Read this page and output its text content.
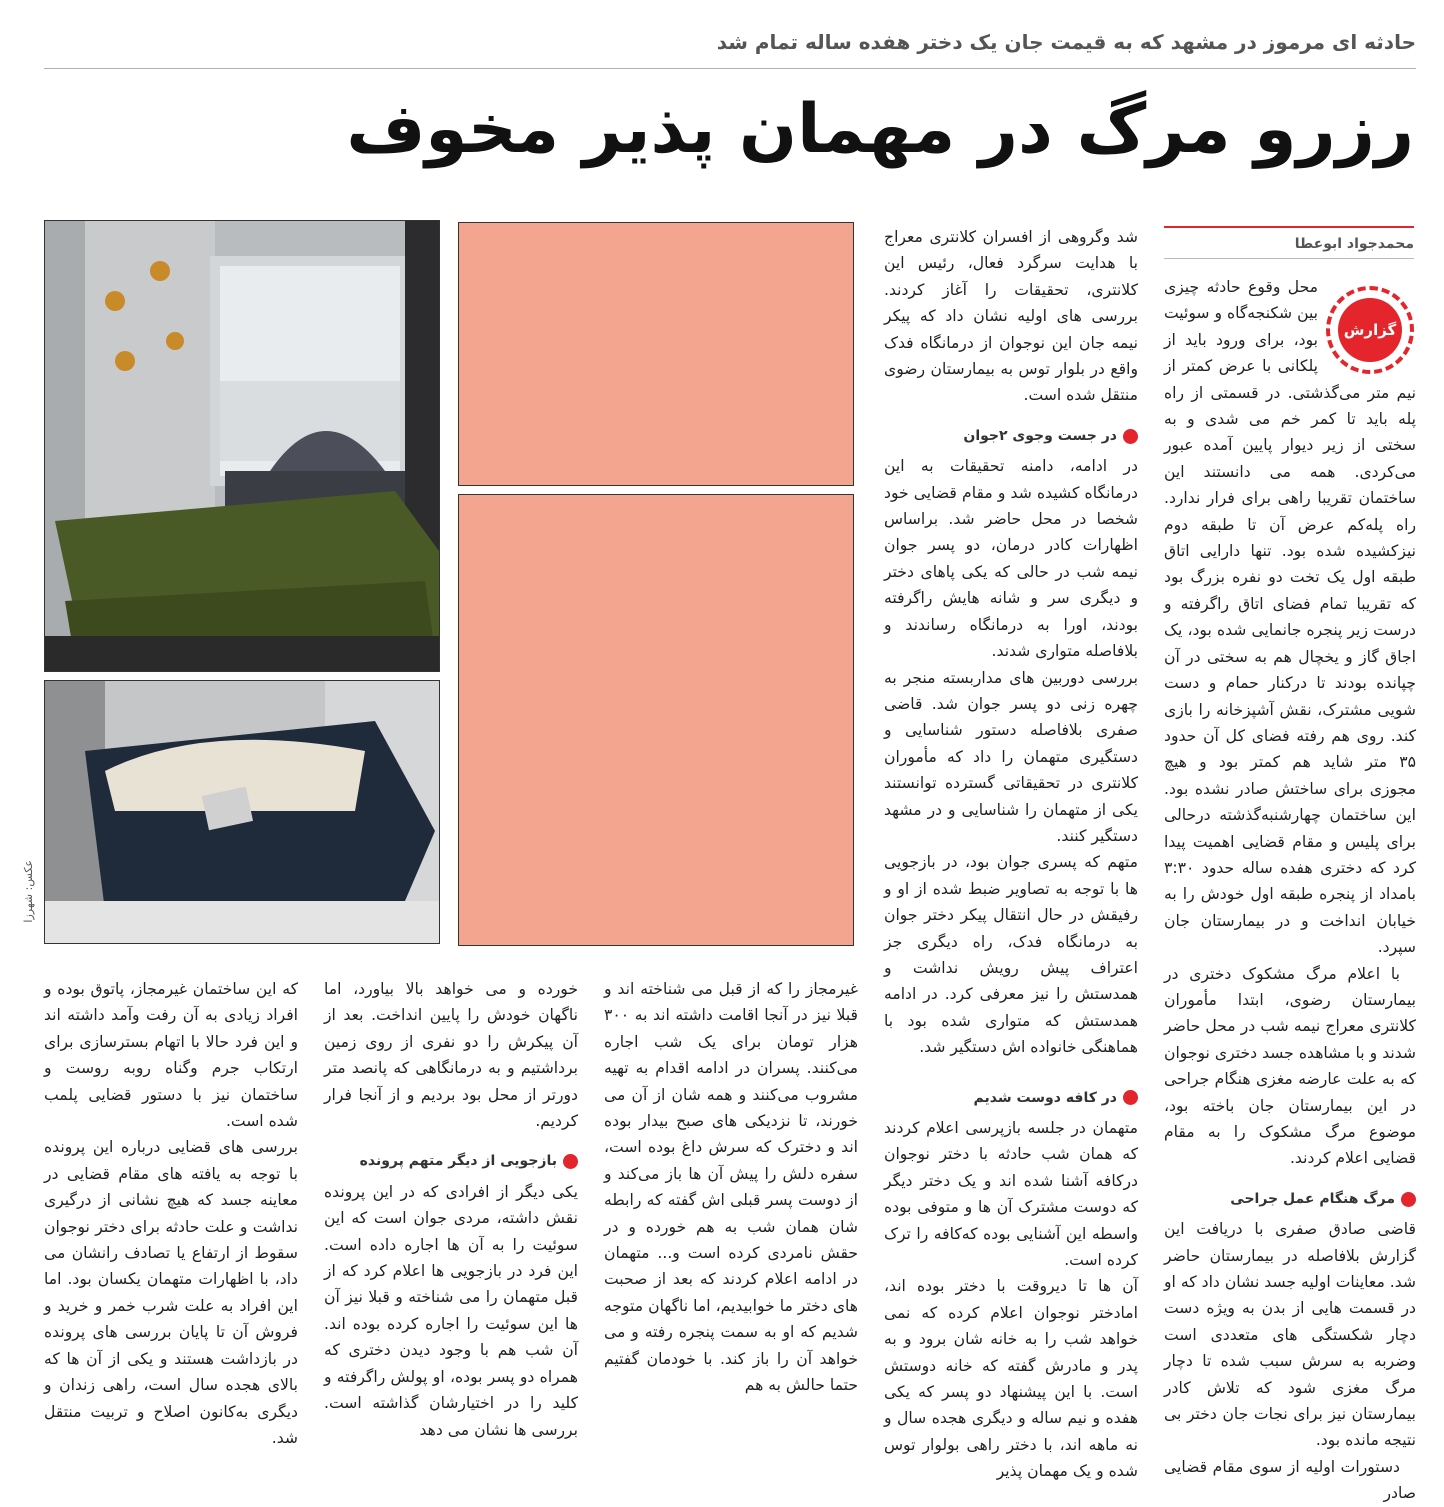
حادثه ای مرموز در مشهد که به قیمت جان یک دختر هفده ساله تمام شد
رزرو مرگ در مهمان پذیر مخوف
محمدجواد ابوعطا
گزارش

محل وقوع حادثه چیزی بین شکنجه‌گاه و سوئیت بود، برای ورود باید از پلکانی با عرض کمتر از نیم متر می‌گذشتی. در قسمتی از راه پله باید تا کمر خم می شدی و به سختی از زیر دیوار پایین آمده عبور می‌کردی. همه می دانستند این ساختمان تقریبا راهی برای فرار ندارد. راه پله‌کم عرض آن تا طبقه دوم نیزکشیده شده بود. تنها دارایی اتاق طبقه اول یک تخت دو نفره بزرگ بود که تقریبا تمام فضای اتاق راگرفته و درست زیر پنجره جانمایی شده بود، یک اجاق گاز و یخچال هم به سختی در آن چپانده بودند تا درکنار حمام و دست شویی مشترک، نقش آشپزخانه را بازی کند. روی هم رفته فضای کل آن حدود ۳۵ متر شاید هم کمتر بود و هیچ مجوزی برای ساختش صادر نشده بود. این ساختمان چهارشنبه‌گذشته درحالی برای پلیس و مقام قضایی اهمیت پیدا کرد که دختری هفده ساله حدود ۳:۳۰ بامداد از پنجره طبقه اول خودش را به خیابان انداخت و در بیمارستان جان سپرد.

با اعلام مرگ مشکوک دختری در بیمارستان رضوی، ابتدا مأموران کلانتری معراج نیمه شب در محل حاضر شدند و با مشاهده جسد دختری نوجوان که به علت عارضه مغزی هنگام جراحی در این بیمارستان جان باخته بود، موضوع مرگ مشکوک را به مقام قضایی اعلام کردند.

مرگ هنگام عمل جراحی

قاضی صادق صفری با دریافت این گزارش بلافاصله در بیمارستان حاضر شد. معاینات اولیه جسد نشان داد که او در قسمت هایی از بدن به ویژه دست دچار شکستگی های متعددی است وضربه به سرش سبب شده تا دچار مرگ مغزی شود که تلاش کادر بیمارستان نیز برای نجات جان دختر بی نتیجه مانده بود.

دستورات اولیه از سوی مقام قضایی صادر

شد وگروهی از افسران کلانتری معراج با هدایت سرگرد فعال، رئیس این کلانتری، تحقیقات را آغاز کردند. بررسی های اولیه نشان داد که پیکر نیمه جان این نوجوان از درمانگاه فدک واقع در بلوار توس به بیمارستان رضوی منتقل شده است.

در جست وجوی ۲جوان

در ادامه، دامنه تحقیقات به این درمانگاه کشیده شد و مقام قضایی خود شخصا در محل حاضر شد. براساس اظهارات کادر درمان، دو پسر جوان نیمه شب در حالی که یکی پاهای دختر و دیگری سر و شانه هایش راگرفته بودند، اورا به درمانگاه رساندند و بلافاصله متواری شدند.

بررسی دوربین های مداربسته منجر به چهره زنی دو پسر جوان شد. قاضی صفری بلافاصله دستور شناسایی و دستگیری متهمان را داد که مأموران کلانتری در تحقیقاتی گسترده توانستند یکی از متهمان را شناسایی و در مشهد دستگیر کنند.

متهم که پسری جوان بود، در بازجویی ها با توجه به تصاویر ضبط شده از او و رفیقش در حال انتقال پیکر دختر جوان به درمانگاه فدک، راه دیگری جز اعتراف پیش رویش نداشت و همدستش را نیز معرفی کرد. در ادامه همدستش که متواری شده بود با هماهنگی خانواده اش دستگیر شد.

در کافه دوست شدیم

متهمان در جلسه بازپرسی اعلام کردند که همان شب حادثه با دختر نوجوان درکافه آشنا شده اند و یک دختر دیگر که دوست مشترک آن ها و متوفی بوده واسطه این آشنایی بوده که‌کافه را ترک کرده است.

آن ها تا دیروقت با دختر بوده اند، امادختر نوجوان اعلام کرده که نمی خواهد شب را به خانه شان برود و به پدر و مادرش گفته که خانه دوستش است. با این پیشنهاد دو پسر که یکی هفده و نیم ساله و دیگری هجده سال و نه ماهه اند، با دختر راهی بولوار توس شده و یک مهمان پذیر

عکس: شهرزا

غیرمجاز را که از قبل می شناخته اند و قبلا نیز در آنجا اقامت داشته اند به ۳۰۰ هزار تومان برای یک شب اجاره می‌کنند. پسران در ادامه اقدام به تهیه مشروب می‌کنند و همه شان از آن می خورند، تا نزدیکی های صبح بیدار بوده اند و دخترک که سرش داغ بوده است، سفره دلش را پیش آن ها باز می‌کند و از دوست پسر قبلی اش گفته که رابطه شان همان شب به هم خورده و در حقش نامردی کرده است و... متهمان در ادامه اعلام کردند که بعد از صحبت های دختر ما خوابیدیم، اما ناگهان متوجه شدیم که او به سمت پنجره رفته و می خواهد آن را باز کند. با خودمان گفتیم حتما حالش به هم

خورده و می خواهد بالا بیاورد، اما ناگهان خودش را پایین انداخت. بعد از آن پیکرش را دو نفری از روی زمین برداشتیم و به درمانگاهی که پانصد متر دورتر از محل بود بردیم و از آنجا فرار کردیم.

بازجویی از دیگر متهم پرونده

یکی دیگر از افرادی که در این پرونده نقش داشته، مردی جوان است که این سوئیت را به آن ها اجاره داده است. این فرد در بازجویی ها اعلام کرد که از قبل متهمان را می شناخته و قبلا نیز آن ها این سوئیت را اجاره کرده بوده اند. آن شب هم با وجود دیدن دختری که همراه دو پسر بوده، او پولش راگرفته و کلید را در اختیارشان گذاشته است. بررسی ها نشان می دهد

که این ساختمان غیرمجاز، پاتوق بوده و افراد زیادی به آن رفت وآمد داشته اند و این فرد حالا با اتهام بسترسازی برای ارتکاب جرم وگناه روبه روست و ساختمان نیز با دستور قضایی پلمب شده است.

بررسی های قضایی درباره این پرونده با توجه به یافته های مقام قضایی در معاینه جسد که هیچ نشانی از درگیری نداشت و علت حادثه برای دختر نوجوان سقوط از ارتفاع یا تصادف رانشان می داد، با اظهارات متهمان یکسان بود. اما این افراد به علت شرب خمر و خرید و فروش آن تا پایان بررسی های پرونده در بازداشت هستند و یکی از آن ها که بالای هجده سال است، راهی زندان و دیگری به‌کانون اصلاح و تربیت منتقل شد.
